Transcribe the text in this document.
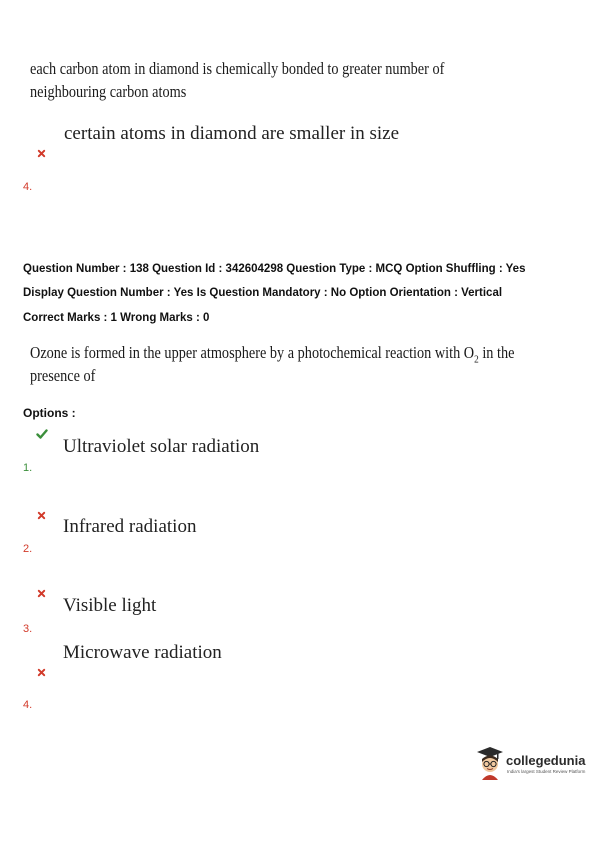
each carbon atom in diamond is chemically bonded to greater number of
neighbouring carbon atoms
certain atoms in diamond are smaller in size
4.
Question Number : 138 Question Id : 342604298 Question Type : MCQ Option Shuffling : Yes
Display Question Number : Yes Is Question Mandatory : No Option Orientation : Vertical
Correct Marks : 1 Wrong Marks : 0
Ozone is formed in the upper atmosphere by a photochemical reaction with $O_2$ in the
presence of
Options :
Ultraviolet solar radiation
1.
Infrared radiation
2.
Visible light
3.
Microwave radiation
4.
collegedunia
India's largest Student Review Platform
